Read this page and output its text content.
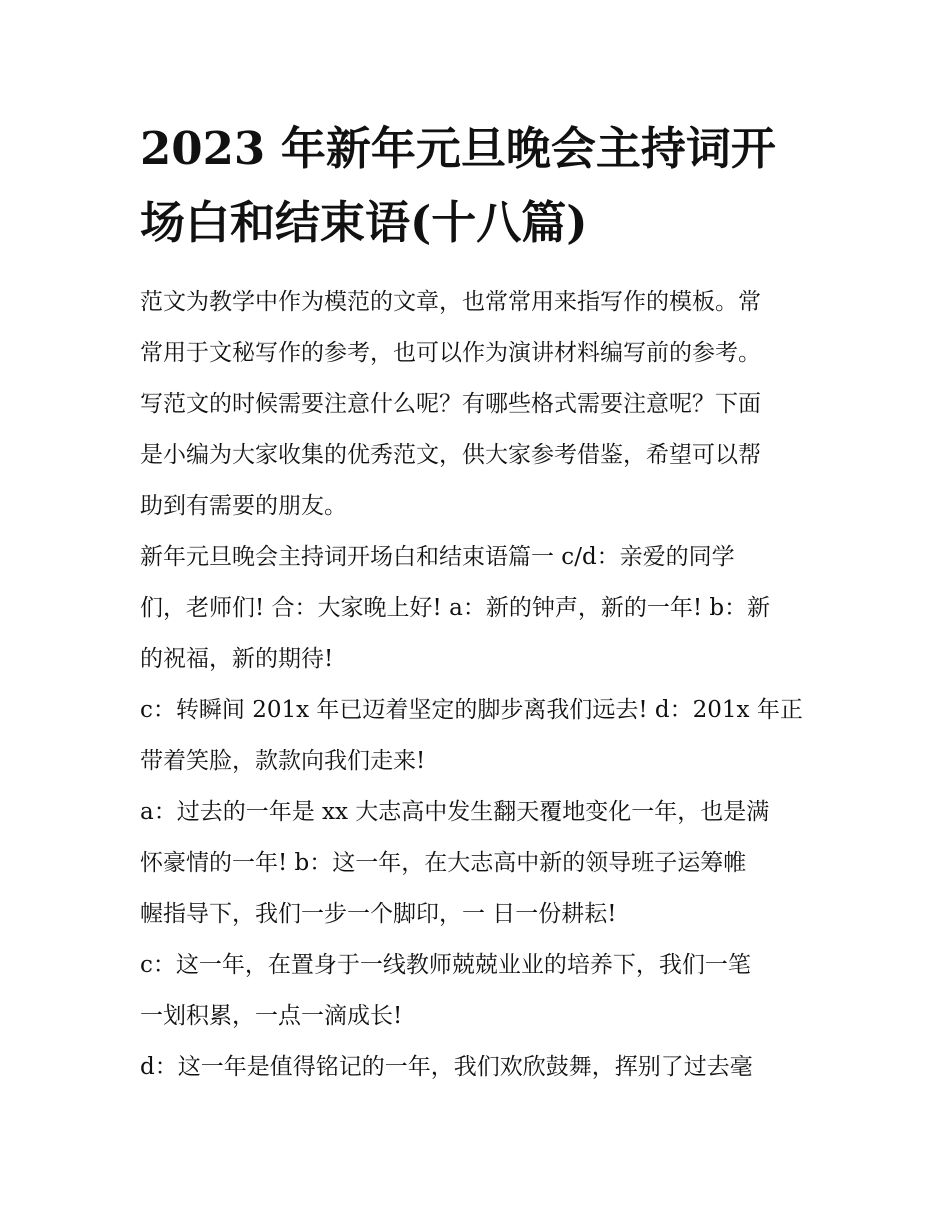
2023 年新年元旦晚会主持词开
场白和结束语(十八篇)

范文为教学中作为模范的文章，也常常用来指写作的模板。常
常用于文秘写作的参考，也可以作为演讲材料编写前的参考。
写范文的时候需要注意什么呢？有哪些格式需要注意呢？下面
是小编为大家收集的优秀范文，供大家参考借鉴，希望可以帮
助到有需要的朋友。

新年元旦晚会主持词开场白和结束语篇一 c/d：亲爱的同学
们，老师们! 合：大家晚上好! a：新的钟声，新的一年! b：新
的祝福，新的期待!

c：转瞬间 201x 年已迈着坚定的脚步离我们远去! d：201x 年正
带着笑脸，款款向我们走来!

a：过去的一年是 xx 大志高中发生翻天覆地变化一年，也是满
怀豪情的一年! b：这一年，在大志高中新的领导班子运筹帷
幄指导下，我们一步一个脚印，一 日一份耕耘!

c：这一年，在置身于一线教师兢兢业业的培养下，我们一笔
一划积累，一点一滴成长!

d：这一年是值得铭记的一年，我们欢欣鼓舞，挥别了过去毫
